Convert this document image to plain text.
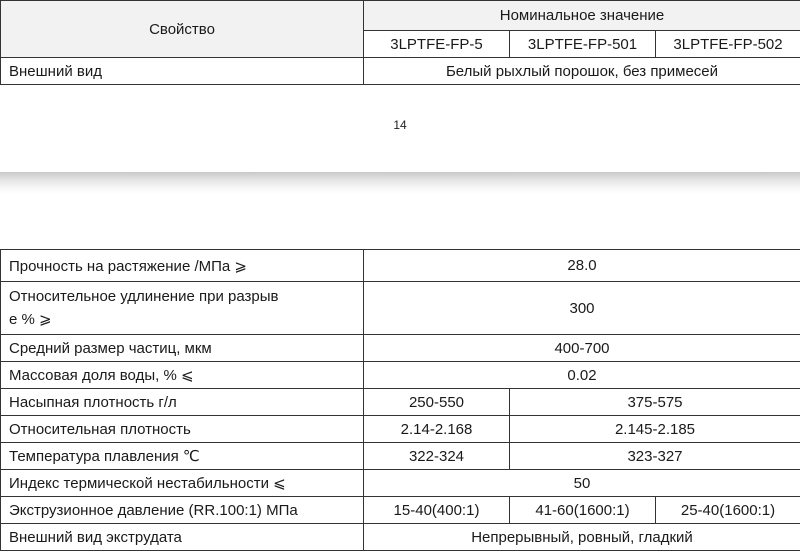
Свойство	Номинальное значение		
	3LPTFE-FP-5	3LPTFE-FP-501	3LPTFE-FP-502
Внешний вид	Белый рыхлый порошок, без примесей		
14
Прочность на растяжение /МПа ⩾	28.0		

Относительное удлинение при разрыв
е % ⩾	300		
Средний размер частиц, мкм	400-700		
Массовая доля воды, % ⩽	0.02		
Насыпная плотность г/л	250-550	375-575	
Относительная плотность	2.14-2.168	2.145-2.185	
Температура плавления ℃	322-324	323-327	
Индекс термической нестабильности ⩽	50		
Экструзионное давление (RR.100:1) МПа	15-40(400:1)	41-60(1600:1)	25-40(1600:1)
Внешний вид экструдата	Непрерывный, ровный, гладкий		
